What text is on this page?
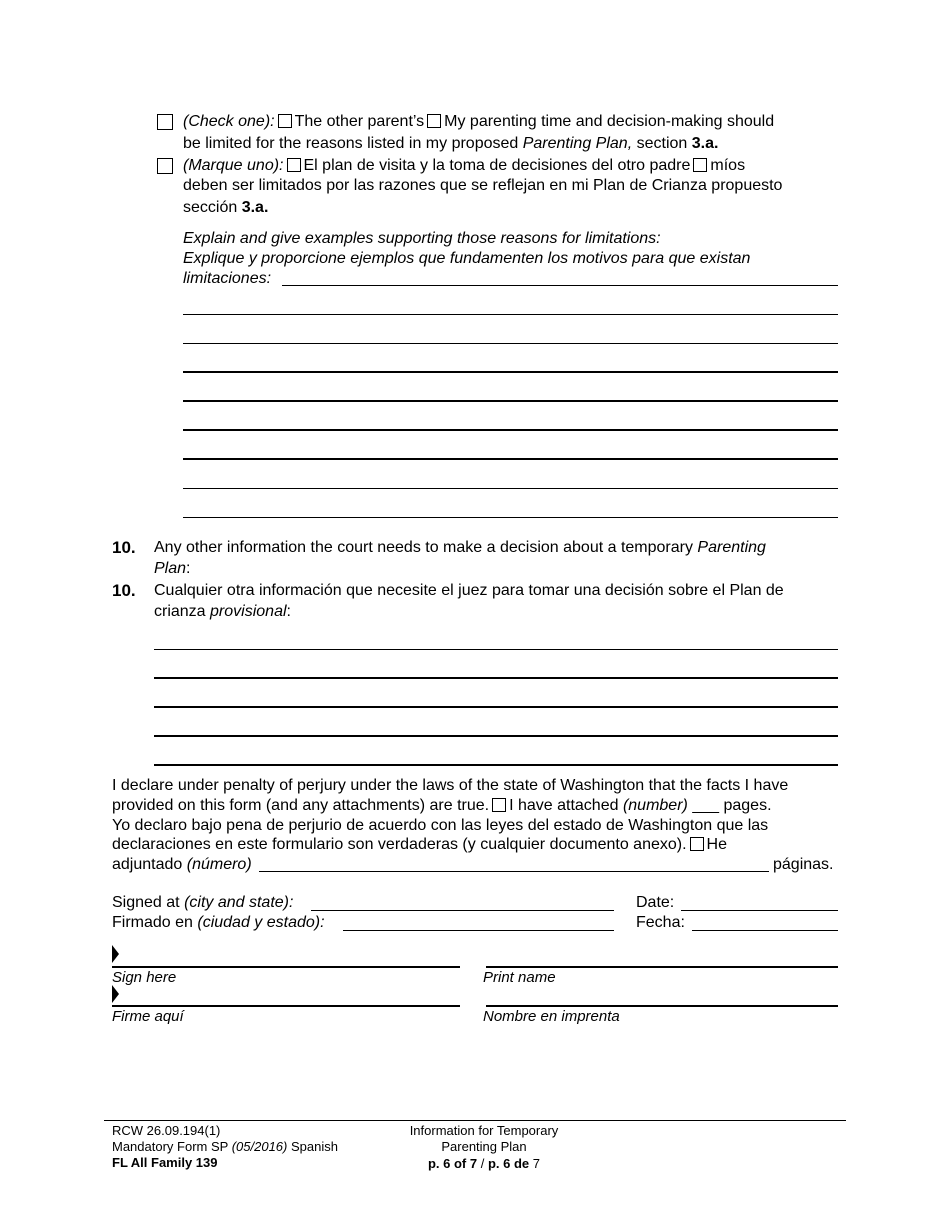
(Check one): The other parent’s My parenting time and decision-making should
be limited for the reasons listed in my proposed Parenting Plan, section 3.a.
(Marque uno): El plan de visita y la toma de decisiones del otro padre míos
deben ser limitados por las razones que se reflejan en mi Plan de Crianza propuesto
sección 3.a.
Explain and give examples supporting those reasons for limitations:
Explique y proporcione ejemplos que fundamenten los motivos para que existan
limitaciones:
10. Any other information the court needs to make a decision about a temporary Parenting
Plan:
10. Cualquier otra información que necesite el juez para tomar una decisión sobre el Plan de
crianza provisional:
I declare under penalty of perjury under the laws of the state of Washington that the facts I have
provided on this form (and any attachments) are true. I have attached (number) ___ pages.
Yo declaro bajo pena de perjurio de acuerdo con las leyes del estado de Washington que las
declaraciones en este formulario son verdaderas (y cualquier documento anexo). He
adjuntado (número)	páginas.
Signed at (city and state):
Firmado en (ciudad y estado):
Date:
Fecha:
Sign here	Print name
Firme aquí	Nombre en imprenta
RCW 26.09.194(1)
Mandatory Form SP (05/2016) Spanish
FL All Family 139
Information for Temporary
Parenting Plan
p. 6 of 7 / p. 6 de 7
